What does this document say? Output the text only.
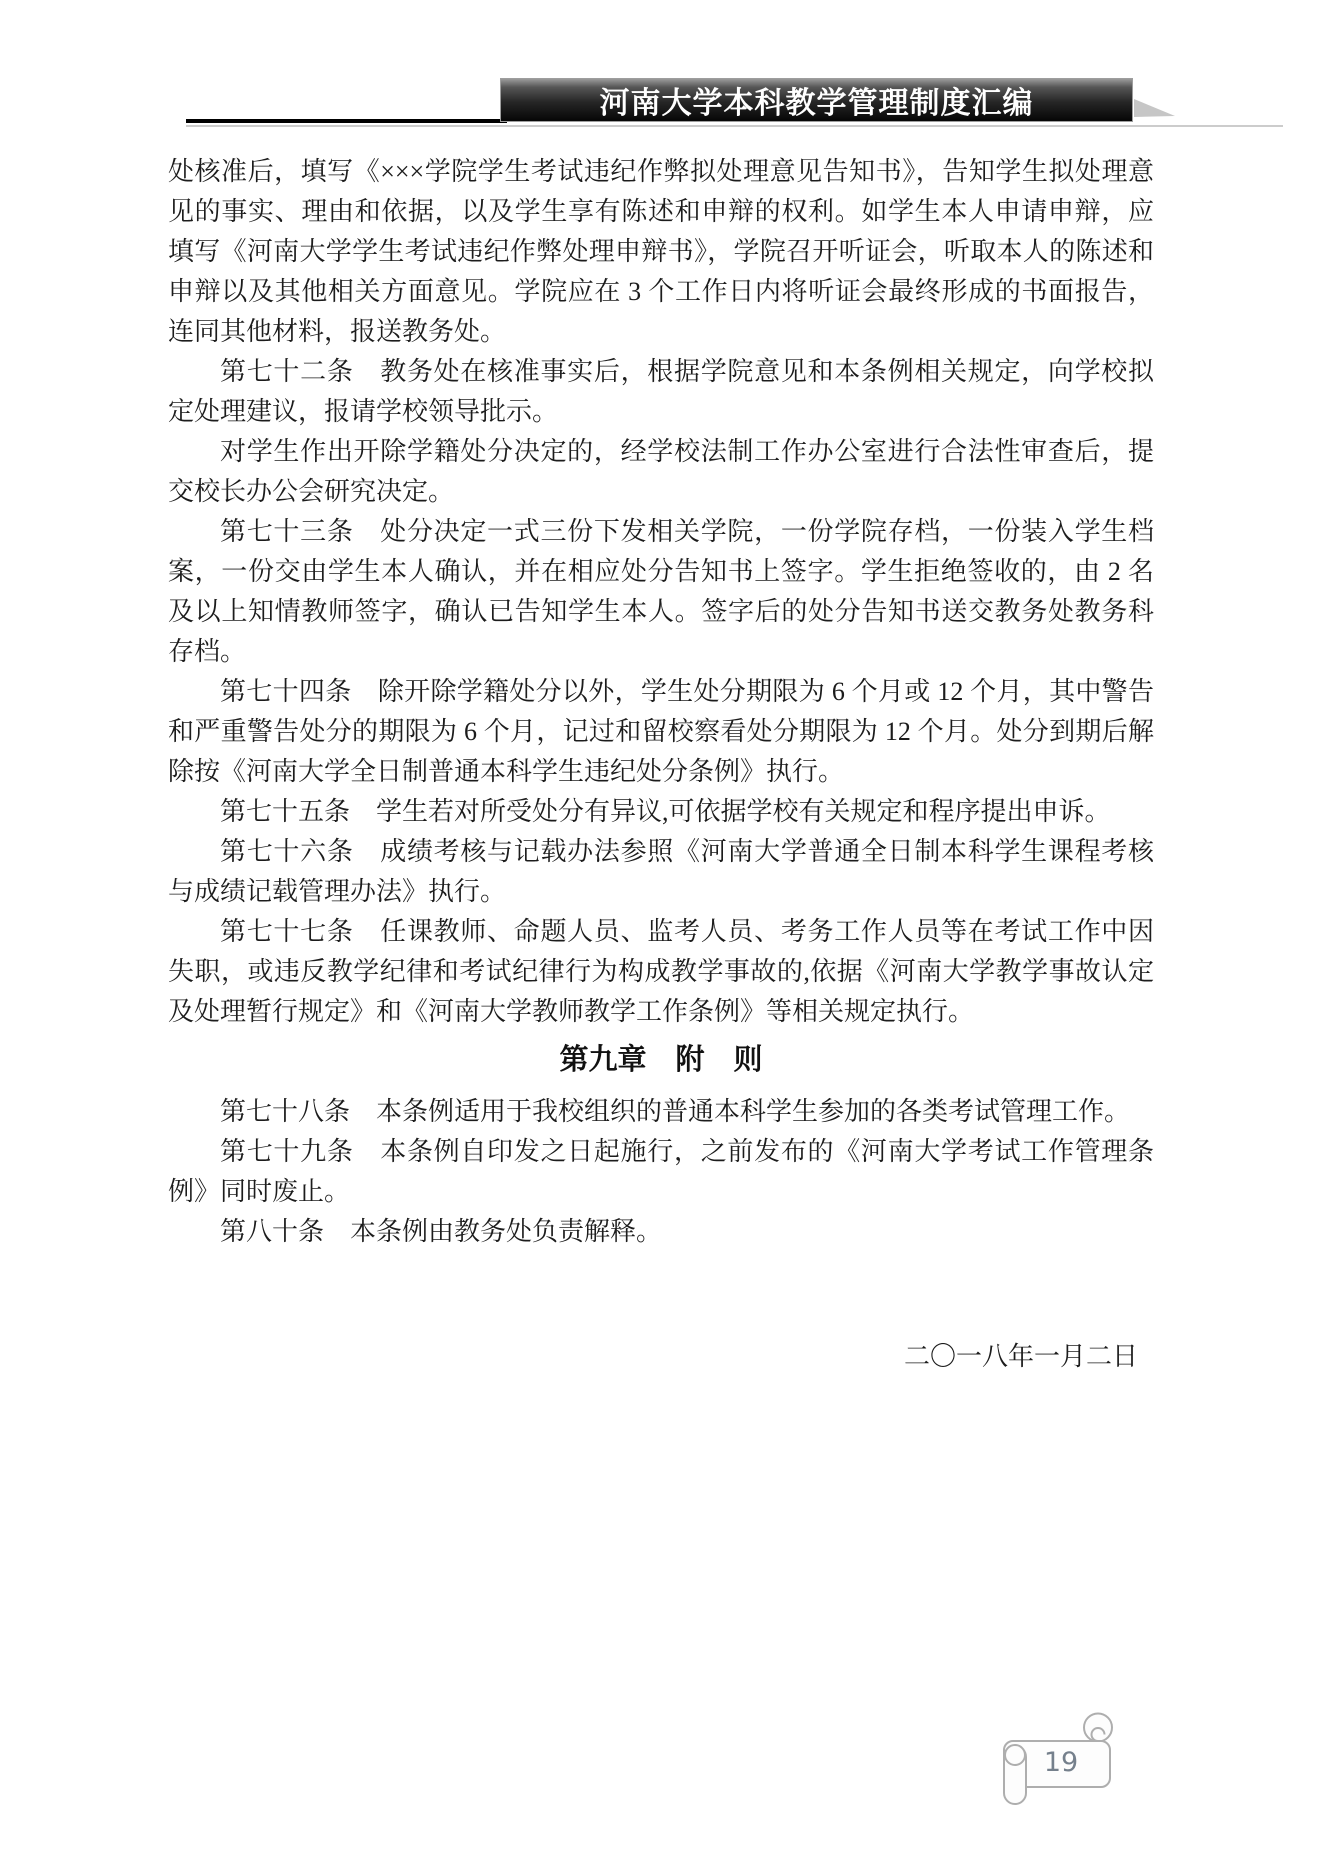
河南大学本科教学管理制度汇编

处核准后，填写《×××学院学生考试违纪作弊拟处理意见告知书》，告知学生拟处理意见的事实、理由和依据，以及学生享有陈述和申辩的权利。如学生本人申请申辩，应填写《河南大学学生考试违纪作弊处理申辩书》，学院召开听证会，听取本人的陈述和申辩以及其他相关方面意见。学院应在 3 个工作日内将听证会最终形成的书面报告，连同其他材料，报送教务处。

第七十二条　教务处在核准事实后，根据学院意见和本条例相关规定，向学校拟定处理建议，报请学校领导批示。

对学生作出开除学籍处分决定的，经学校法制工作办公室进行合法性审查后，提交校长办公会研究决定。

第七十三条　处分决定一式三份下发相关学院，一份学院存档，一份装入学生档案，一份交由学生本人确认，并在相应处分告知书上签字。学生拒绝签收的，由 2 名及以上知情教师签字，确认已告知学生本人。签字后的处分告知书送交教务处教务科存档。

第七十四条　除开除学籍处分以外，学生处分期限为 6 个月或 12 个月，其中警告和严重警告处分的期限为 6 个月，记过和留校察看处分期限为 12 个月。处分到期后解除按《河南大学全日制普通本科学生违纪处分条例》执行。

第七十五条　学生若对所受处分有异议,可依据学校有关规定和程序提出申诉。

第七十六条　成绩考核与记载办法参照《河南大学普通全日制本科学生课程考核与成绩记载管理办法》执行。

第七十七条　任课教师、命题人员、监考人员、考务工作人员等在考试工作中因失职，或违反教学纪律和考试纪律行为构成教学事故的,依据《河南大学教学事故认定及处理暂行规定》和《河南大学教师教学工作条例》等相关规定执行。

第九章　附　则

第七十八条　本条例适用于我校组织的普通本科学生参加的各类考试管理工作。

第七十九条　本条例自印发之日起施行，之前发布的《河南大学考试工作管理条例》同时废止。

第八十条　本条例由教务处负责解释。

二〇一八年一月二日

19
